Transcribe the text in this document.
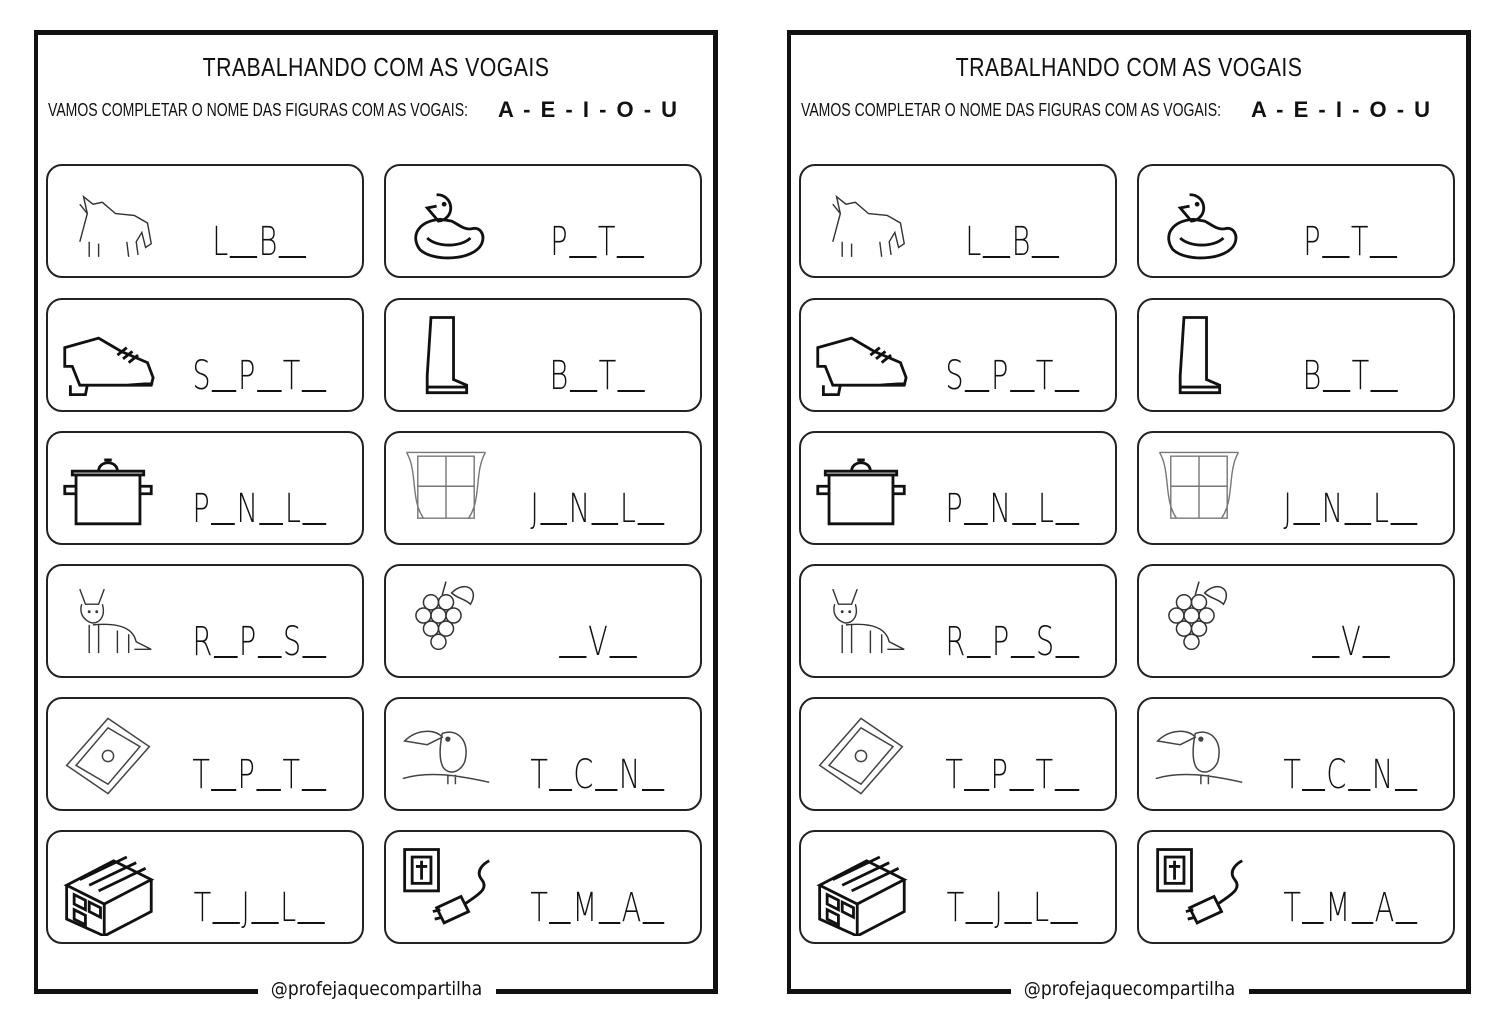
TRABALHANDO COM AS VOGAIS
VAMOS COMPLETAR O NOME DAS FIGURAS COM AS VOGAIS: A - E - I - O - U
L B	P T
S P T	B T
P N L	J N L
R P S	V
T P T	T C N
T J L	T M A
@profejaquecompartilha
TRABALHANDO COM AS VOGAIS
VAMOS COMPLETAR O NOME DAS FIGURAS COM AS VOGAIS: A - E - I - O - U
L B	P T
S P T	B T
P N L	J N L
R P S	V
T P T	T C N
T J L	T M A
@profejaquecompartilha
